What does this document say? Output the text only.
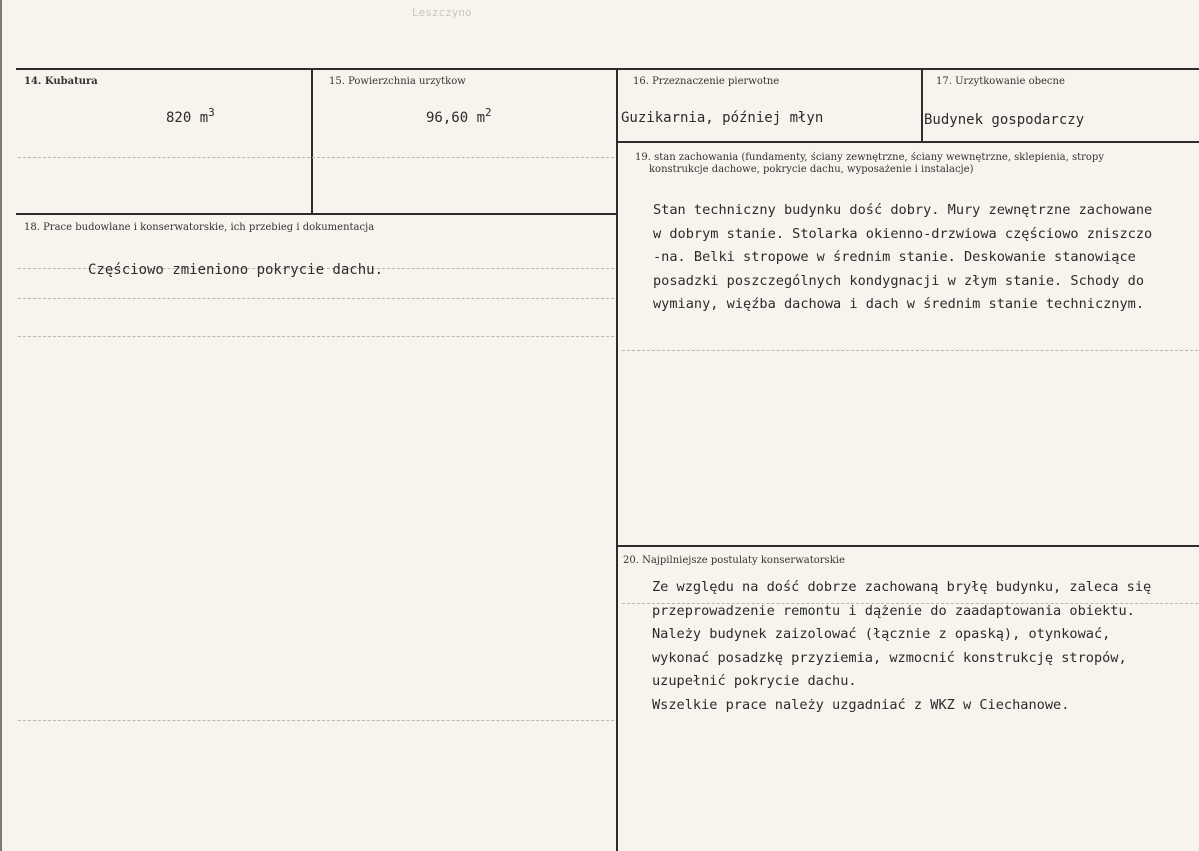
Leszczyno
14. Kubatura
820 $m^3$
15. Powierzchnia urzytkow
96,60 $m^2$
16. Przeznaczenie pierwotne
Guzikarnia, później młyn
17. Urzytkowanie obecne
Budynek gospodarczy
18. Prace budowlane i konserwatorskie, ich przebieg i dokumentacja
Częściowo zmieniono pokrycie dachu.
19. stan zachowania (fundamenty, ściany zewnętrzne, ściany wewnętrzne, sklepienia, stropy
konstrukcje dachowe, pokrycie dachu, wyposażenie i instalacje)
Stan techniczny budynku dość dobry. Mury zewnętrzne zachowane
w dobrym stanie. Stolarka okienno-drzwiowa częściowo zniszczo
-na. Belki stropowe w średnim stanie. Deskowanie stanowiące
posadzki poszczególnych kondygnacji w złym stanie. Schody do
wymiany, więźba dachowa i dach w średnim stanie technicznym.
20. Najpilniejsze postulaty konserwatorskie
Ze względu na dość dobrze zachowaną bryłę budynku, zaleca się
przeprowadzenie remontu i dążenie do zaadaptowania obiektu.
Należy budynek zaizolować (łącznie z opaską), otynkować,
wykonać posadzkę przyziemia, wzmocnić konstrukcję stropów,
uzupełnić pokrycie dachu.
Wszelkie prace należy uzgadniać z WKZ w Ciechanowe.
